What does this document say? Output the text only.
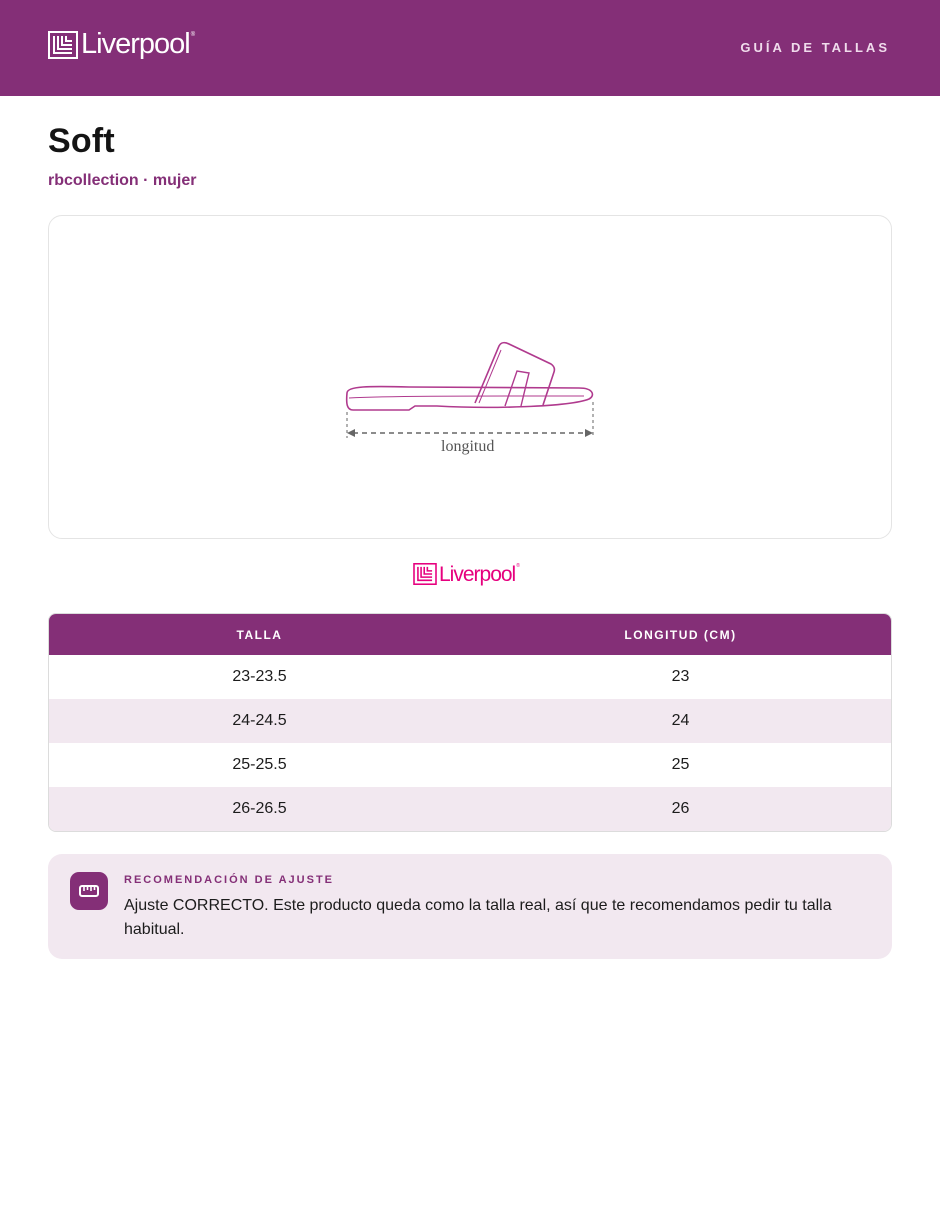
Liverpool ®
GUÍA DE TALLAS
Soft
rbcollection · mujer
longitud
Liverpool ®
TALLA	LONGITUD (CM)
23-23.5	23
24-24.5	24
25-25.5	25
26-26.5	26
RECOMENDACIÓN DE AJUSTE
Ajuste CORRECTO. Este producto queda como la talla real, así que te recomendamos pedir tu talla habitual.
